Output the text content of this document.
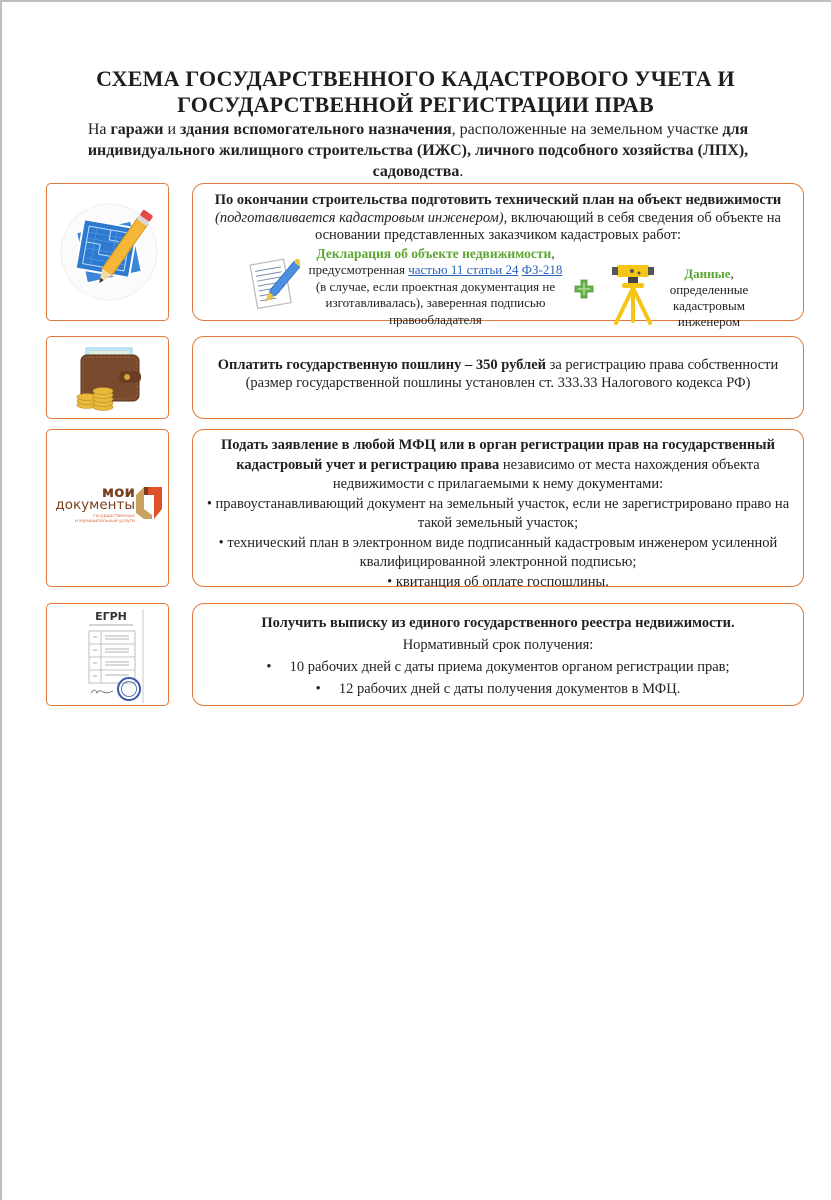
СХЕМА ГОСУДАРСТВЕННОГО КАДАСТРОВОГО УЧЕТА И
ГОСУДАРСТВЕННОЙ РЕГИСТРАЦИИ ПРАВ
На гаражи и здания вспомогательного назначения, расположенные на земельном участке для индивидуального жилищного строительства (ИЖС), личного подсобного хозяйства (ЛПХ), садоводства.
По окончании строительства подготовить технический план на объект недвижимости (подготавливается кадастровым инженером), включающий в себя сведения об объекте на основании представленных заказчиком кадастровых работ:
Декларация об объекте недвижимости,
предусмотренная частью 11 статьи 24 ФЗ-218 (в случае, если проектная документация не изготавливалась), заверенная подписью правообладателя
Данные,
определенные кадастровым инженером
Оплатить государственную пошлину – 350 рублей за регистрацию права собственности
(размер государственной пошлины установлен ст. 333.33 Налогового кодекса РФ)
мои
документы
государственные
и муниципальные услуги
Подать заявление в любой МФЦ или в орган регистрации прав на государственный кадастровый учет и регистрацию права независимо от места нахождения объекта недвижимости с прилагаемыми к нему документами:
• правоустанавливающий документ на земельный участок, если не зарегистрировано право на такой земельный участок;
• технический план в электронном виде подписанный кадастровым инженером усиленной квалифицированной электронной подписью;
• квитанция об оплате госпошлины.
ЕГРН	Получить выписку из единого государственного реестра недвижимости.
Нормативный срок получения:
•     10 рабочих дней с даты приема документов органом регистрации прав;
•     12 рабочих дней с даты получения документов в МФЦ.
